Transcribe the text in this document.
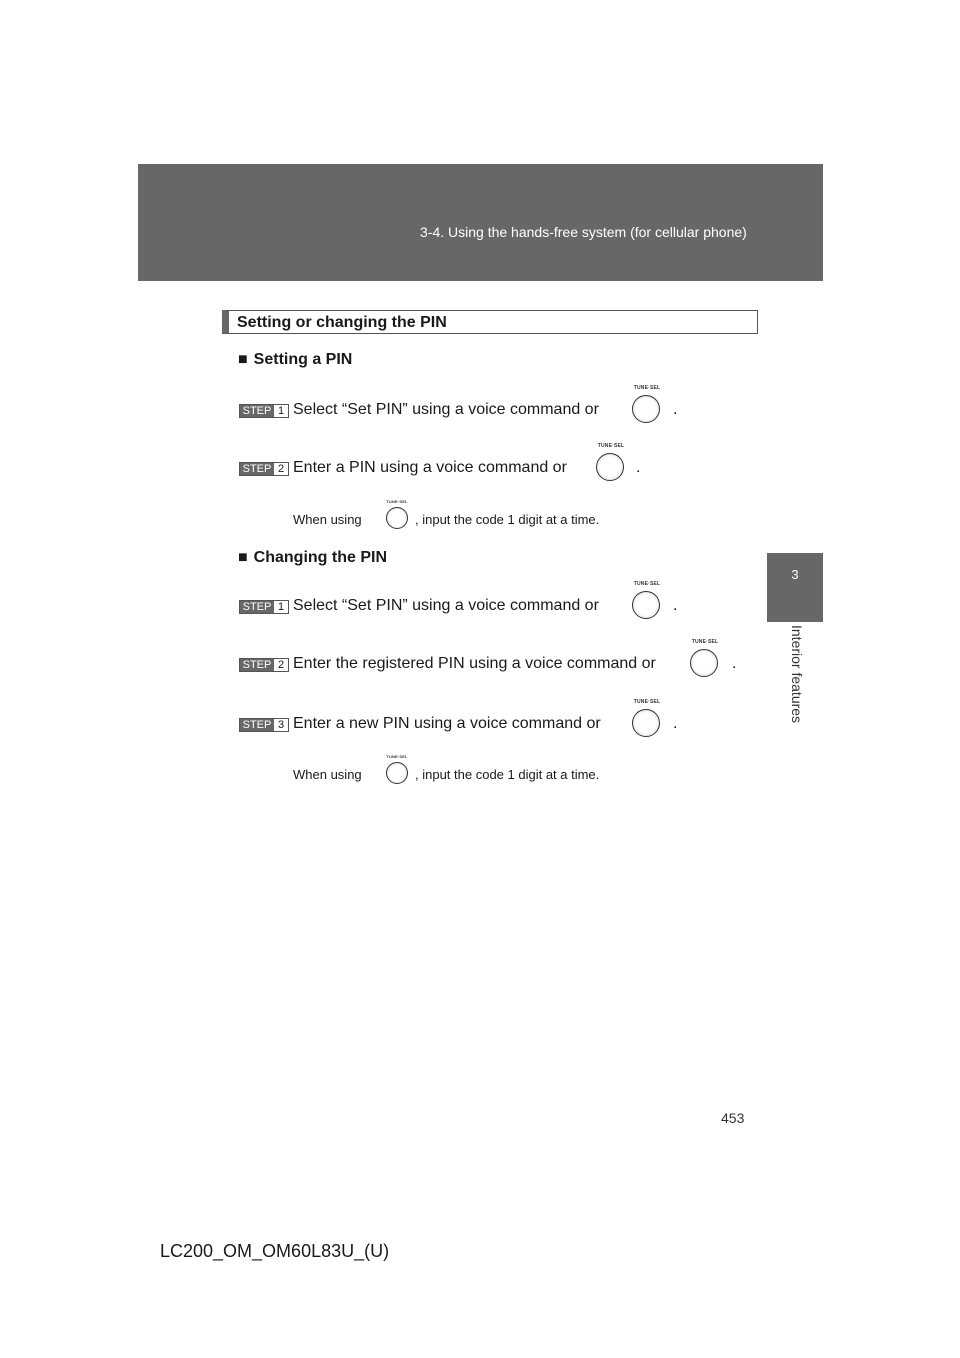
3-4. Using the hands-free system (for cellular phone)
3
Interior features
Setting or changing the PIN
■ Setting a PIN
STEP 1 Select “Set PIN” using a voice command or
TUNE·SEL
.
STEP 2 Enter a PIN using a voice command or
TUNE·SEL
.
When using
TUNE·SEL
, input the code 1 digit at a time.
■ Changing the PIN
STEP 1 Select “Set PIN” using a voice command or
TUNE·SEL
.
STEP 2 Enter the registered PIN using a voice command or
TUNE·SEL
.
STEP 3 Enter a new PIN using a voice command or
TUNE·SEL
.
When using
TUNE·SEL
, input the code 1 digit at a time.
453
LC200_OM_OM60L83U_(U)
